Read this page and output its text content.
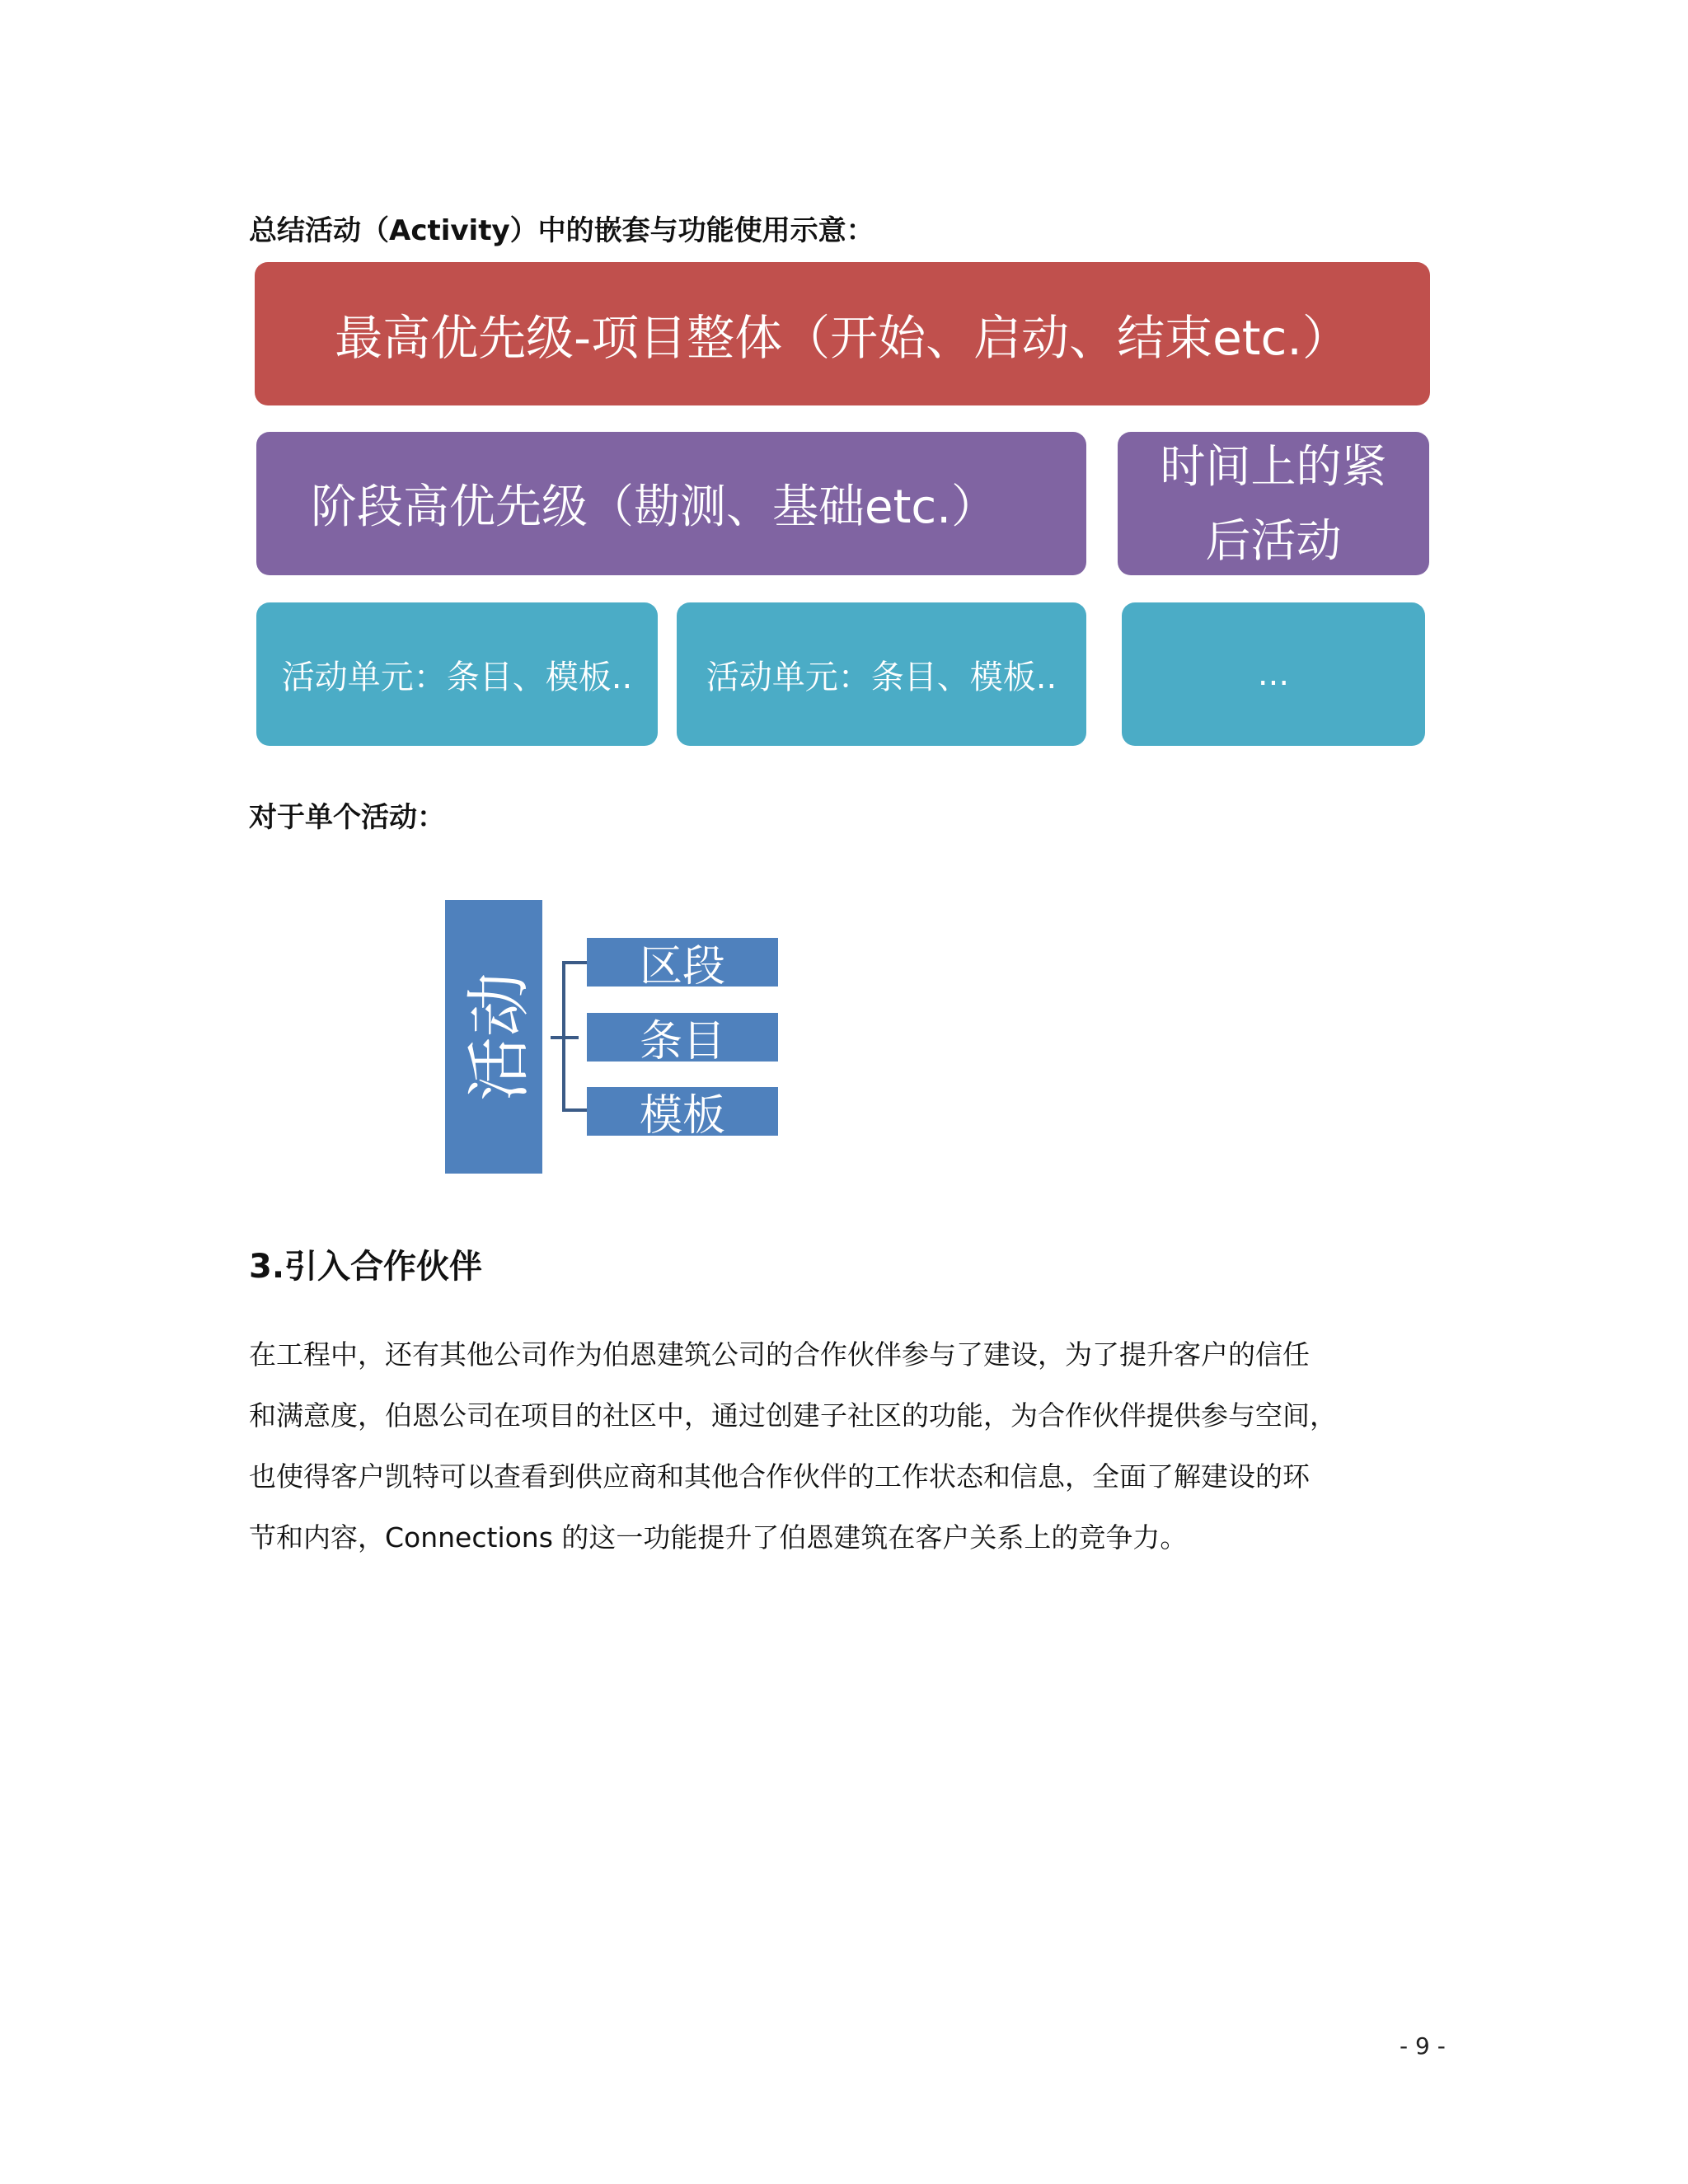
总结活动（Activity）中的嵌套与功能使用示意：
最高优先级-项目整体（开始、启动、结束etc.）
阶段高优先级（勘测、基础etc.）
时间上的紧后活动
活动单元：条目、模板..	活动单元：条目、模板..	...
对于单个活动：
活动
区段
条目
模板
3.引入合作伙伴
在工程中，还有其他公司作为伯恩建筑公司的合作伙伴参与了建设，为了提升客户的信任
和满意度，伯恩公司在项目的社区中，通过创建子社区的功能，为合作伙伴提供参与空间，
也使得客户凯特可以查看到供应商和其他合作伙伴的工作状态和信息，全面了解建设的环
节和内容，Connections 的这一功能提升了伯恩建筑在客户关系上的竞争力。
- 9 -
